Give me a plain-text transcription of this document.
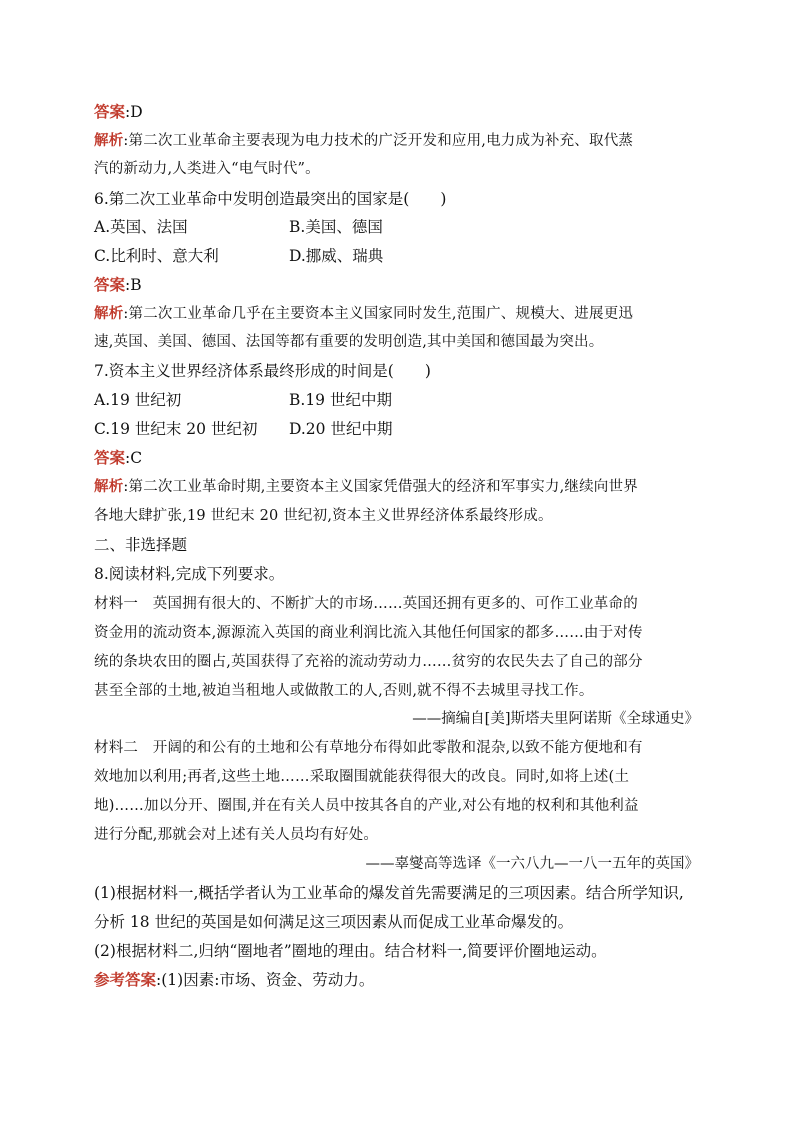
答案:D
解析:第二次工业革命主要表现为电力技术的广泛开发和应用,电力成为补充、取代蒸
汽的新动力,人类进入“电气时代”。
6.第二次工业革命中发明创造最突出的国家是(　　)
A.英国、法国	B.美国、德国
C.比利时、意大利	D.挪威、瑞典
答案:B
解析:第二次工业革命几乎在主要资本主义国家同时发生,范围广、规模大、进展更迅
速,英国、美国、德国、法国等都有重要的发明创造,其中美国和德国最为突出。
7.资本主义世界经济体系最终形成的时间是(　　)
A.19 世纪初	B.19 世纪中期
C.19 世纪末 20 世纪初 D.20 世纪中期
答案:C
解析:第二次工业革命时期,主要资本主义国家凭借强大的经济和军事实力,继续向世界
各地大肆扩张,19 世纪末 20 世纪初,资本主义世界经济体系最终形成。
二、非选择题
8.阅读材料,完成下列要求。
材料一　英国拥有很大的、不断扩大的市场……英国还拥有更多的、可作工业革命的
资金用的流动资本,源源流入英国的商业利润比流入其他任何国家的都多……由于对传
统的条块农田的圈占,英国获得了充裕的流动劳动力……贫穷的农民失去了自己的部分
甚至全部的土地,被迫当租地人或做散工的人,否则,就不得不去城里寻找工作。
——摘编自[美]斯塔夫里阿诺斯《全球通史》
材料二　开阔的和公有的土地和公有草地分布得如此零散和混杂,以致不能方便地和有
效地加以利用;再者,这些土地……采取圈围就能获得很大的改良。同时,如将上述(土
地)……加以分开、圈围,并在有关人员中按其各自的产业,对公有地的权利和其他利益
进行分配,那就会对上述有关人员均有好处。
——辜燮高等选译《一六八九—一八一五年的英国》
(1)根据材料一,概括学者认为工业革命的爆发首先需要满足的三项因素。结合所学知识,
分析 18 世纪的英国是如何满足这三项因素从而促成工业革命爆发的。
(2)根据材料二,归纳“圈地者”圈地的理由。结合材料一,简要评价圈地运动。
参考答案:(1)因素:市场、资金、劳动力。
